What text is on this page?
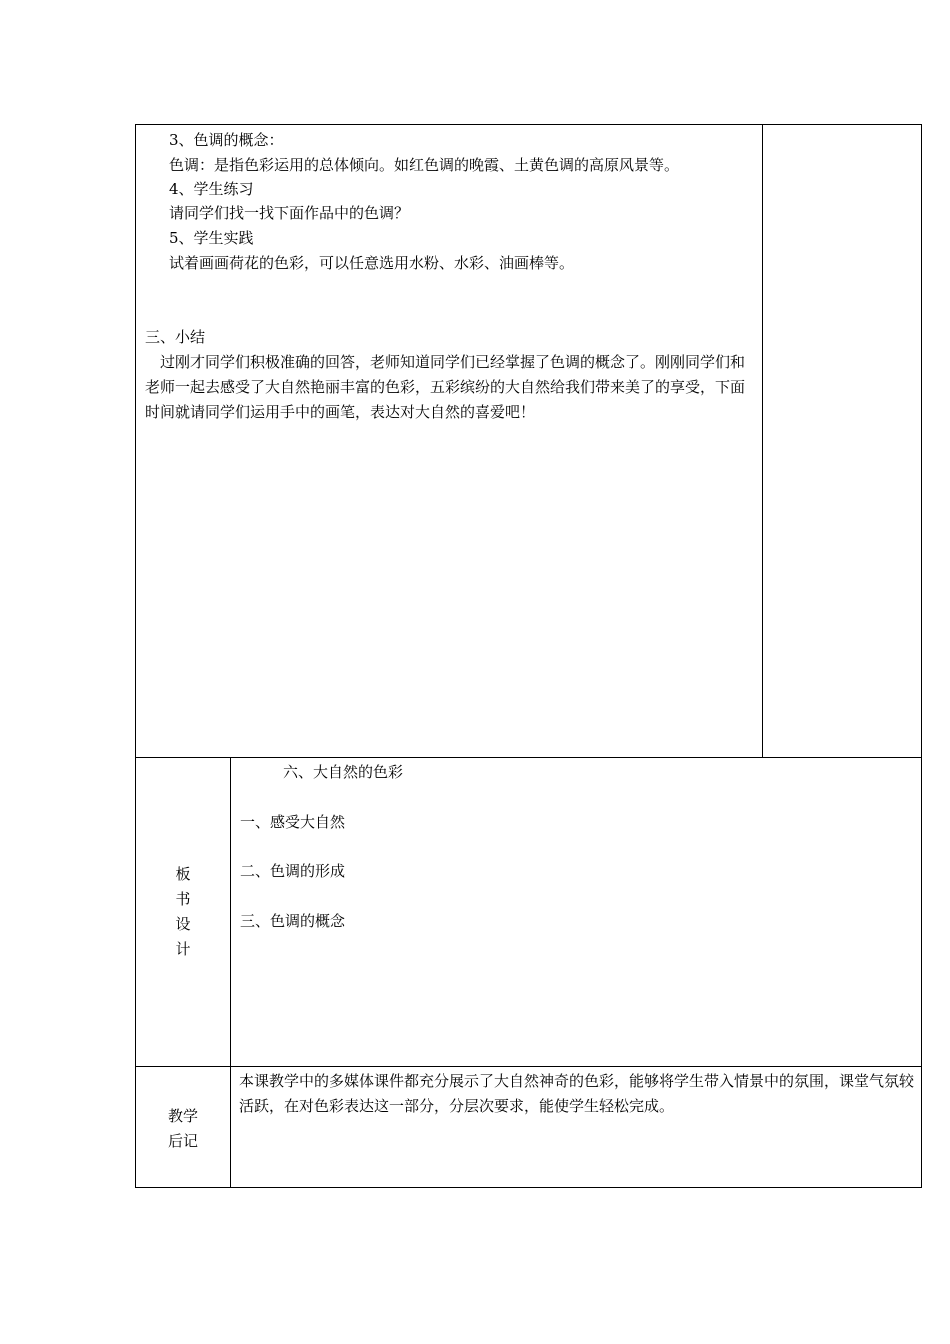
3、色调的概念：
色调：是指色彩运用的总体倾向。如红色调的晚霞、土黄色调的高原风景等。
4、学生练习
请同学们找一找下面作品中的色调？
5、学生实践
试着画画荷花的色彩，可以任意选用水粉、水彩、油画棒等。
三、小结
过刚才同学们积极准确的回答，老师知道同学们已经掌握了色调的概念了。刚刚同学们和老师一起去感受了大自然艳丽丰富的色彩，五彩缤纷的大自然给我们带来美了的享受，下面时间就请同学们运用手中的画笔，表达对大自然的喜爱吧！
板
书
设
计
六、大自然的色彩
一、感受大自然
二、色调的形成
三、色调的概念
教学
后记
本课教学中的多媒体课件都充分展示了大自然神奇的色彩，能够将学生带入情景中的氛围，课堂气氛较活跃，在对色彩表达这一部分，分层次要求，能使学生轻松完成。
